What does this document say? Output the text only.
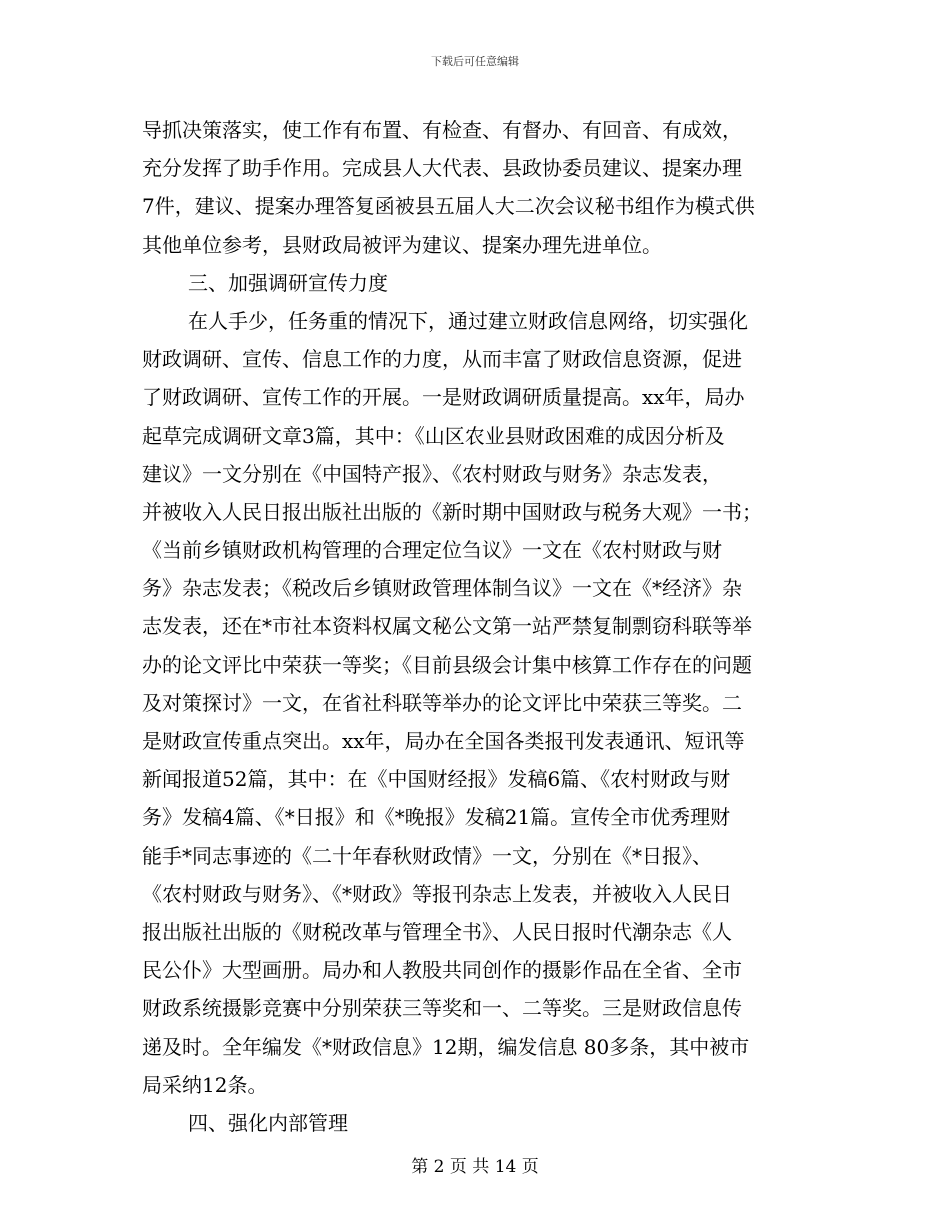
下载后可任意编辑
导抓决策落实，使工作有布置、有检查、有督办、有回音、有成效，
充分发挥了助手作用。完成县人大代表、县政协委员建议、提案办理
7件，建议、提案办理答复函被县五届人大二次会议秘书组作为模式供
其他单位参考，县财政局被评为建议、提案办理先进单位。
三、加强调研宣传力度
在人手少，任务重的情况下，通过建立财政信息网络，切实强化
财政调研、宣传、信息工作的力度，从而丰富了财政信息资源，促进
了财政调研、宣传工作的开展。一是财政调研质量提高。xx年，局办
起草完成调研文章3篇，其中：《山区农业县财政困难的成因分析及
建议》一文分别在《中国特产报》、《农村财政与财务》杂志发表，
并被收入人民日报出版社出版的《新时期中国财政与税务大观》一书；
《当前乡镇财政机构管理的合理定位刍议》一文在《农村财政与财
务》杂志发表；《税改后乡镇财政管理体制刍议》一文在《*经济》杂
志发表，还在*市社本资料权属文秘公文第一站严禁复制剽窃科联等举
办的论文评比中荣获一等奖；《目前县级会计集中核算工作存在的问题
及对策探讨》一文，在省社科联等举办的论文评比中荣获三等奖。二
是财政宣传重点突出。xx年，局办在全国各类报刊发表通讯、短讯等
新闻报道52篇，其中：在《中国财经报》发稿6篇、《农村财政与财
务》发稿4篇、《*日报》和《*晚报》发稿21篇。宣传全市优秀理财
能手*同志事迹的《二十年春秋财政情》一文，分别在《*日报》、
《农村财政与财务》、《*财政》等报刊杂志上发表，并被收入人民日
报出版社出版的《财税改革与管理全书》、人民日报时代潮杂志《人
民公仆》大型画册。局办和人教股共同创作的摄影作品在全省、全市
财政系统摄影竞赛中分别荣获三等奖和一、二等奖。三是财政信息传
递及时。全年编发《*财政信息》12期，编发信息 80多条，其中被市
局采纳12条。
四、强化内部管理
第 2 页 共 14 页
